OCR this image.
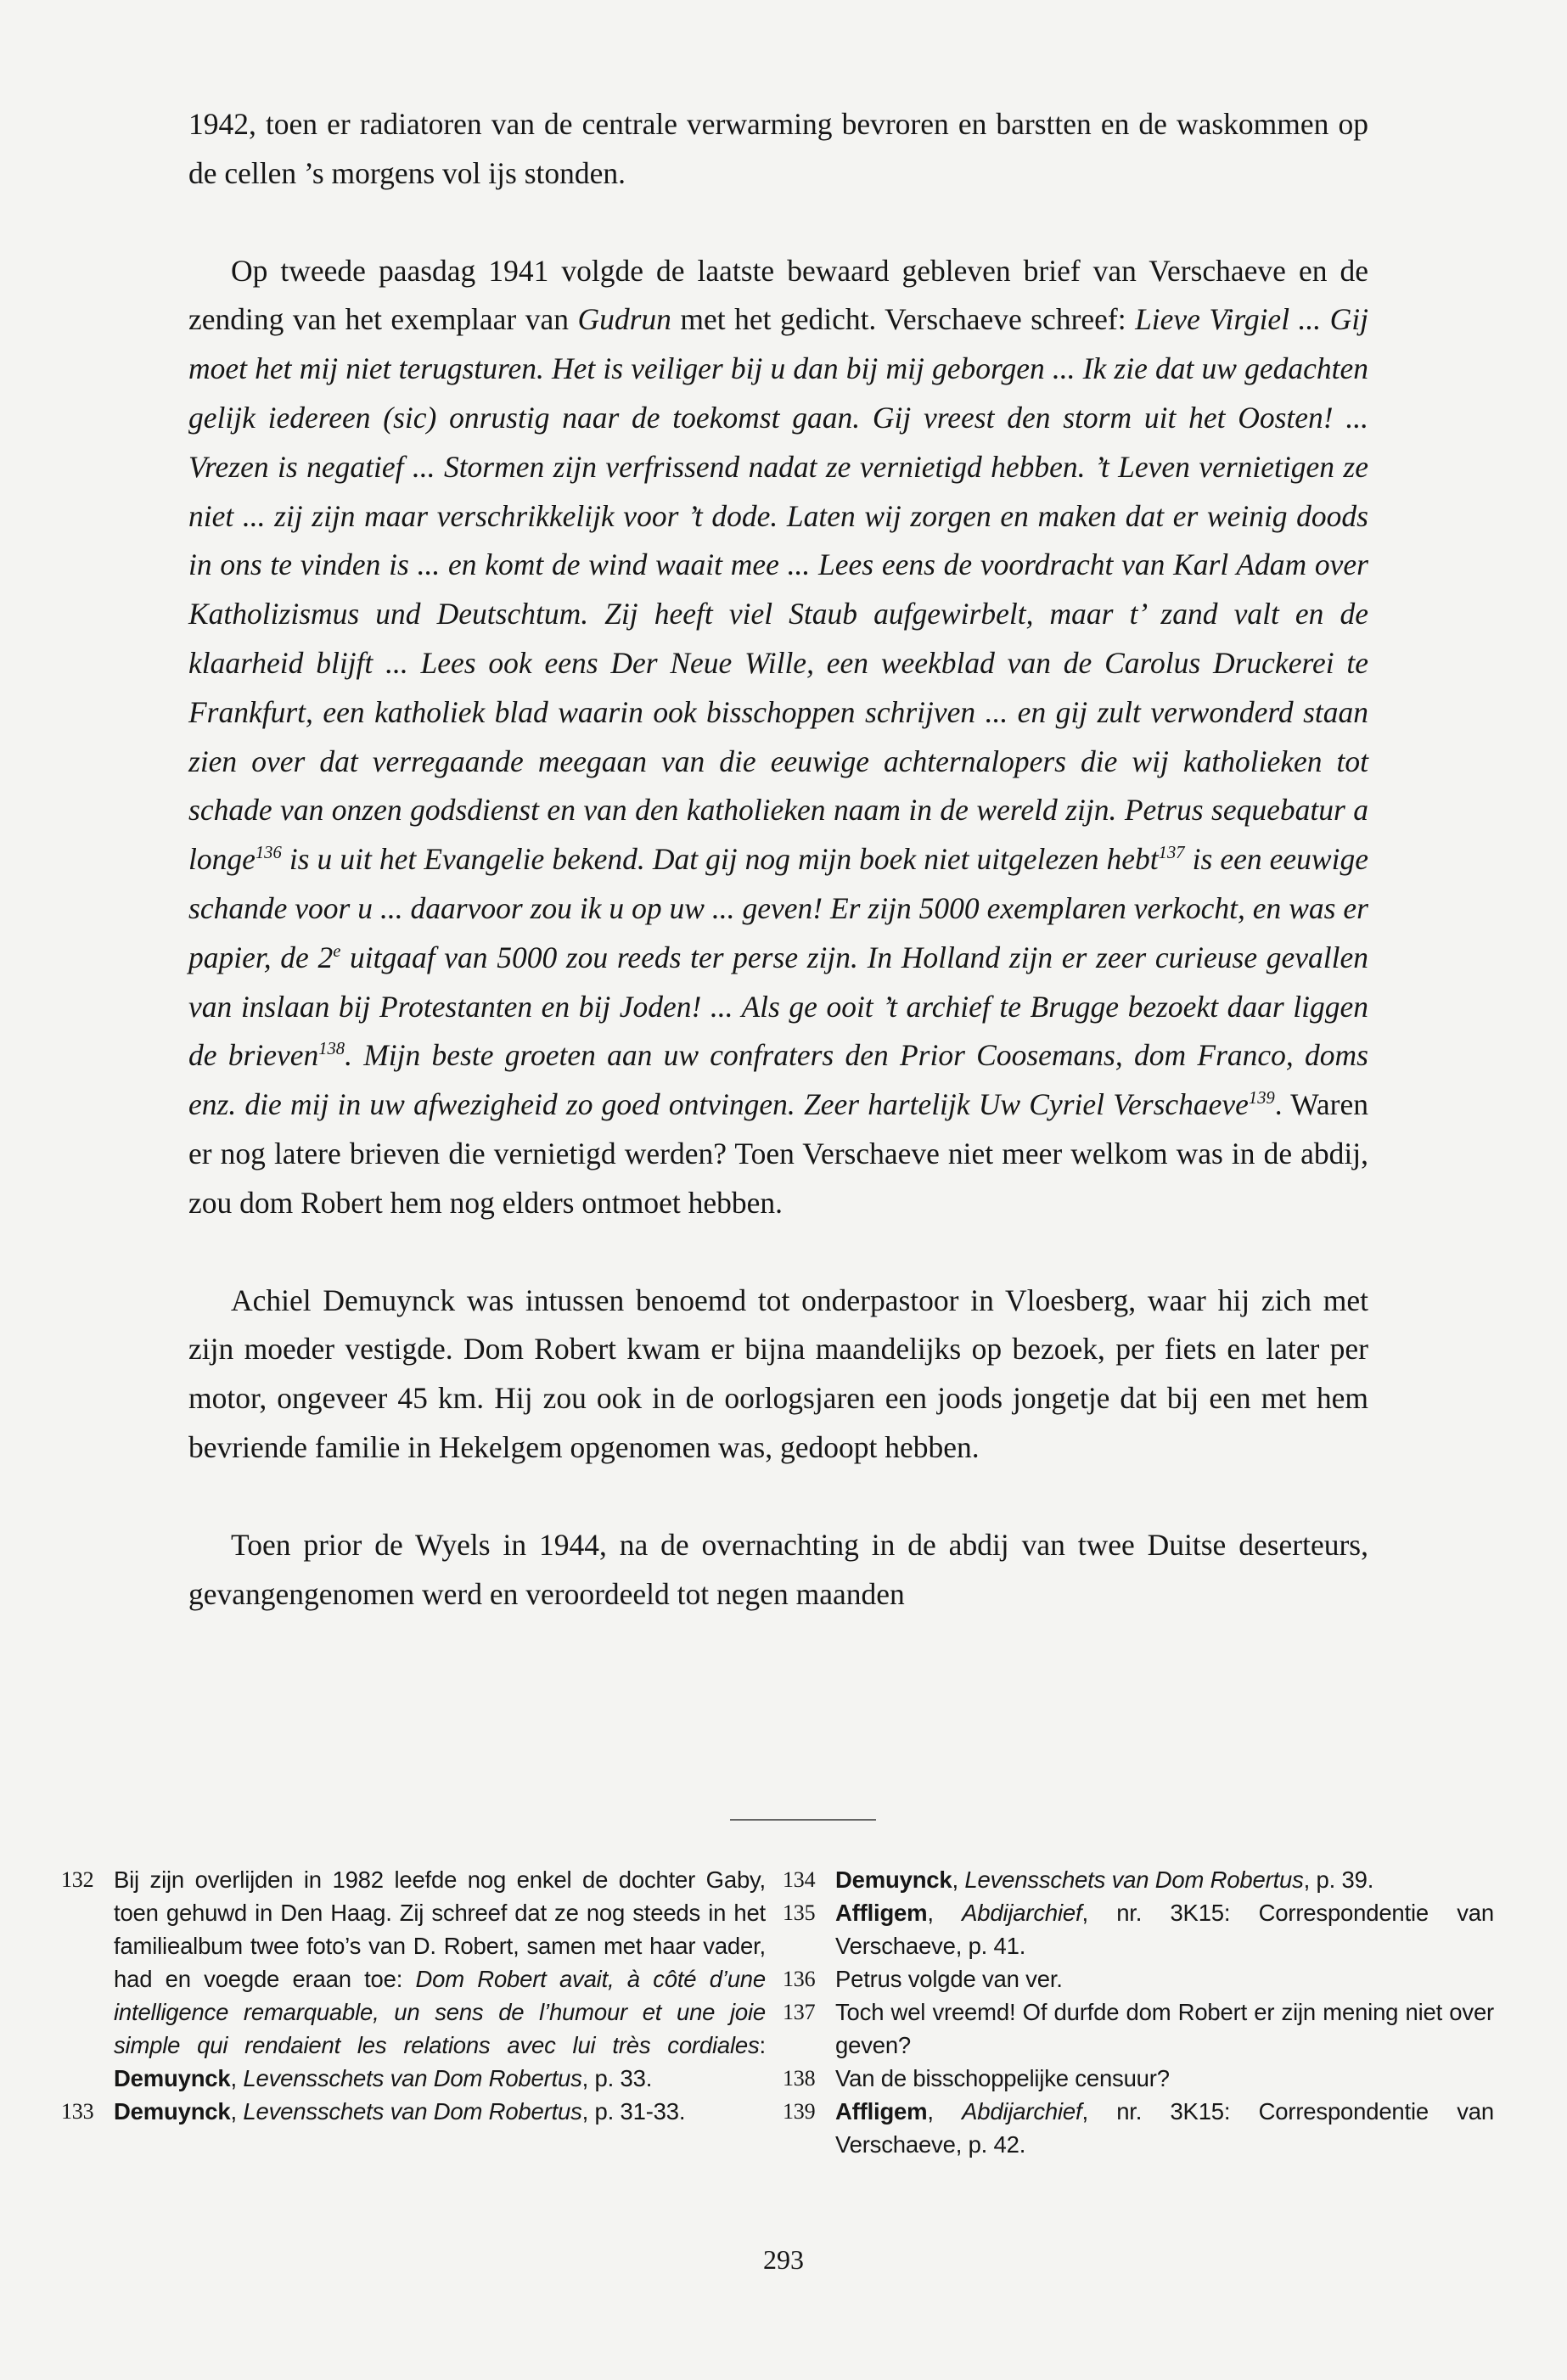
1942, toen er radiatoren van de centrale verwarming bevroren en barstten en de waskommen op de cellen ’s morgens vol ijs stonden.

Op tweede paasdag 1941 volgde de laatste bewaard gebleven brief van Verschaeve en de zending van het exemplaar van Gudrun met het gedicht. Verschaeve schreef: Lieve Virgiel ... Gij moet het mij niet terugsturen. Het is veiliger bij u dan bij mij geborgen ... Ik zie dat uw gedachten gelijk iedereen (sic) onrustig naar de toekomst gaan. Gij vreest den storm uit het Oosten! ... Vrezen is negatief ... Stormen zijn verfrissend nadat ze vernietigd hebben. ’t Leven vernietigen ze niet ... zij zijn maar verschrikkelijk voor ’t dode. Laten wij zorgen en maken dat er weinig doods in ons te vinden is ... en komt de wind waait mee ... Lees eens de voordracht van Karl Adam over Katholizismus und Deutschtum. Zij heeft viel Staub aufgewirbelt, maar t’ zand valt en de klaarheid blijft ... Lees ook eens Der Neue Wille, een weekblad van de Carolus Druckerei te Frankfurt, een katholiek blad waarin ook bisschoppen schrijven ... en gij zult verwonderd staan zien over dat verregaande meegaan van die eeuwige achternalopers die wij katholieken tot schade van onzen godsdienst en van den katholieken naam in de wereld zijn. Petrus sequebatur a longe$^{136}$ is u uit het Evangelie bekend. Dat gij nog mijn boek niet uitgelezen hebt$^{137}$ is een eeuwige schande voor u ... daarvoor zou ik u op uw ... geven! Er zijn 5000 exemplaren verkocht, en was er papier, de 2e uitgaaf van 5000 zou reeds ter perse zijn. In Holland zijn er zeer curieuse gevallen van inslaan bij Protestanten en bij Joden! ... Als ge ooit ’t archief te Brugge bezoekt daar liggen de brieven$^{138}$. Mijn beste groeten aan uw confraters den Prior Coosemans, dom Franco, doms enz. die mij in uw afwezigheid zo goed ontvingen. Zeer hartelijk Uw Cyriel Verschaeve$^{139}$. Waren er nog latere brieven die vernietigd werden? Toen Verschaeve niet meer welkom was in de abdij, zou dom Robert hem nog elders ontmoet hebben.

Achiel Demuynck was intussen benoemd tot onderpastoor in Vloesberg, waar hij zich met zijn moeder vestigde. Dom Robert kwam er bijna maandelijks op bezoek, per fiets en later per motor, ongeveer 45 km. Hij zou ook in de oorlogsjaren een joods jongetje dat bij een met hem bevriende familie in Hekelgem opgenomen was, gedoopt hebben.

Toen prior de Wyels in 1944, na de overnachting in de abdij van twee Duitse deserteurs, gevangengenomen werd en veroordeeld tot negen maanden

132 Bij zijn overlijden in 1982 leefde nog enkel de dochter Gaby, toen gehuwd in Den Haag. Zij schreef dat ze nog steeds in het familiealbum twee foto’s van D. Robert, samen met haar vader, had en voegde eraan toe: Dom Robert avait, à côté d’une intelligence remarquable, un sens de l’humour et une joie simple qui rendaient les relations avec lui très cordiales: Demuynck, Levensschets van Dom Robertus, p. 33.
133 Demuynck, Levensschets van Dom Robertus, p. 31-33.
134 Demuynck, Levensschets van Dom Robertus, p. 39.
135 Affligem, Abdijarchief, nr. 3K15: Correspondentie van Verschaeve, p. 41.
136 Petrus volgde van ver.
137 Toch wel vreemd! Of durfde dom Robert er zijn mening niet over geven?
138 Van de bisschoppelijke censuur?
139 Affligem, Abdijarchief, nr. 3K15: Correspondentie van Verschaeve, p. 42.
293
